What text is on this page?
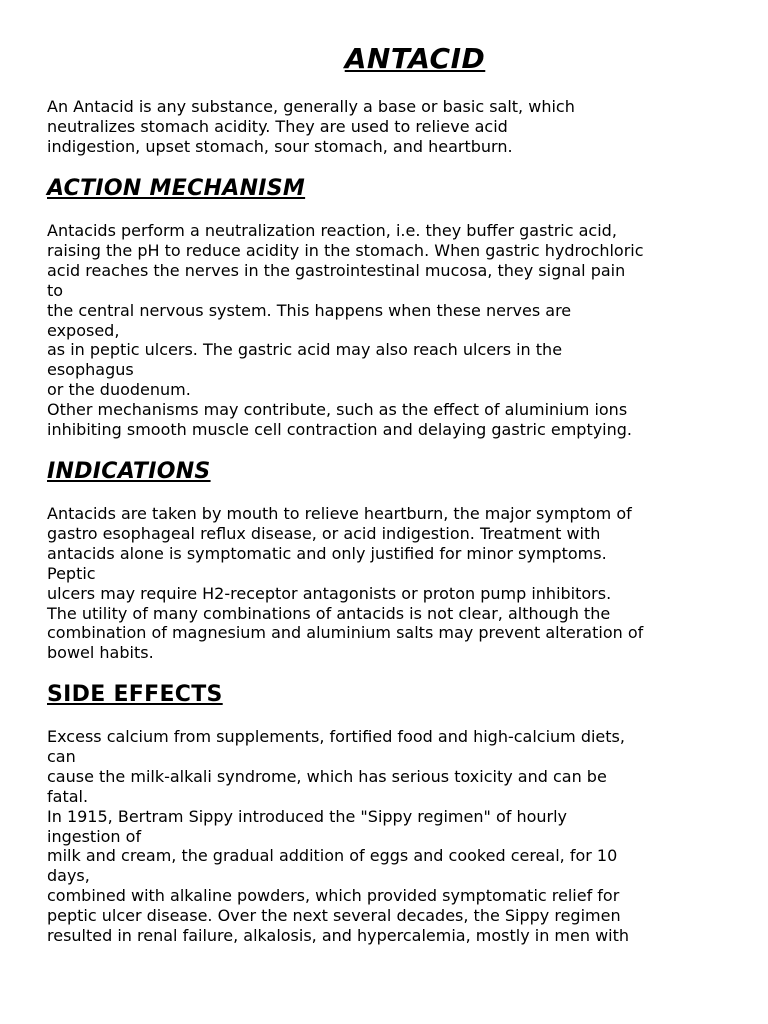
ANTACID

An Antacid is any substance, generally a base or basic salt, which
neutralizes stomach acidity. They are used to relieve acid
indigestion, upset stomach, sour stomach, and heartburn.

ACTION MECHANISM

Antacids perform a neutralization reaction, i.e. they buffer gastric acid,
raising the pH to reduce acidity in the stomach. When gastric hydrochloric
acid reaches the nerves in the gastrointestinal mucosa, they signal pain
to
the central nervous system. This happens when these nerves are
exposed,
as in peptic ulcers. The gastric acid may also reach ulcers in the
esophagus
or the duodenum.
Other mechanisms may contribute, such as the effect of aluminium ions
inhibiting smooth muscle cell contraction and delaying gastric emptying.

INDICATIONS

Antacids are taken by mouth to relieve heartburn, the major symptom of
gastro esophageal reflux disease, or acid indigestion. Treatment with
antacids alone is symptomatic and only justified for minor symptoms.
Peptic
ulcers may require H2-receptor antagonists or proton pump inhibitors.
The utility of many combinations of antacids is not clear, although the
combination of magnesium and aluminium salts may prevent alteration of
bowel habits.

SIDE EFFECTS

Excess calcium from supplements, fortified food and high-calcium diets,
can
cause the milk-alkali syndrome, which has serious toxicity and can be
fatal.
In 1915, Bertram Sippy introduced the "Sippy regimen" of hourly
ingestion of
milk and cream, the gradual addition of eggs and cooked cereal, for 10
days,
combined with alkaline powders, which provided symptomatic relief for
peptic ulcer disease. Over the next several decades, the Sippy regimen
resulted in renal failure, alkalosis, and hypercalemia, mostly in men with
